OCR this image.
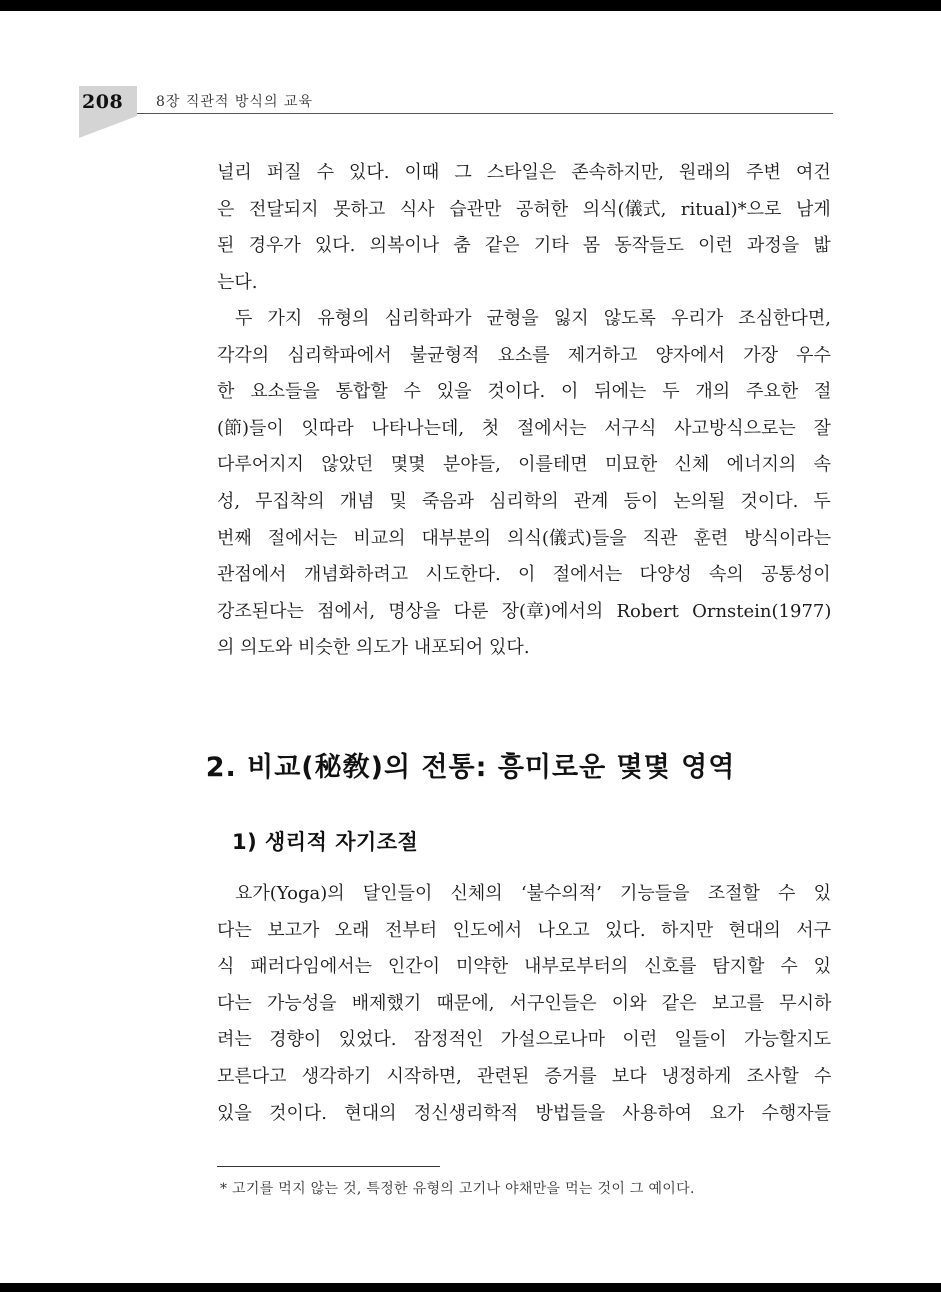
208 8장 직관적 방식의 교육

널리 퍼질 수 있다. 이때 그 스타일은 존속하지만, 원래의 주변 여건
은 전달되지 못하고 식사 습관만 공허한 의식(儀式, ritual)*으로 남게
된 경우가 있다. 의복이나 춤 같은 기타 몸 동작들도 이런 과정을 밟
는다.

두 가지 유형의 심리학파가 균형을 잃지 않도록 우리가 조심한다면,
각각의 심리학파에서 불균형적 요소를 제거하고 양자에서 가장 우수
한 요소들을 통합할 수 있을 것이다. 이 뒤에는 두 개의 주요한 절
(節)들이 잇따라 나타나는데, 첫 절에서는 서구식 사고방식으로는 잘
다루어지지 않았던 몇몇 분야들, 이를테면 미묘한 신체 에너지의 속
성, 무집착의 개념 및 죽음과 심리학의 관계 등이 논의될 것이다. 두
번째 절에서는 비교의 대부분의 의식(儀式)들을 직관 훈련 방식이라는
관점에서 개념화하려고 시도한다. 이 절에서는 다양성 속의 공통성이
강조된다는 점에서, 명상을 다룬 장(章)에서의 Robert Ornstein(1977)
의 의도와 비슷한 의도가 내포되어 있다.

2. 비교(秘敎)의 전통: 흥미로운 몇몇 영역
1) 생리적 자기조절

요가(Yoga)의 달인들이 신체의 ‘불수의적’ 기능들을 조절할 수 있
다는 보고가 오래 전부터 인도에서 나오고 있다. 하지만 현대의 서구
식 패러다임에서는 인간이 미약한 내부로부터의 신호를 탐지할 수 있
다는 가능성을 배제했기 때문에, 서구인들은 이와 같은 보고를 무시하
려는 경향이 있었다. 잠정적인 가설으로나마 이런 일들이 가능할지도
모른다고 생각하기 시작하면, 관련된 증거를 보다 냉정하게 조사할 수
있을 것이다. 현대의 정신생리학적 방법들을 사용하여 요가 수행자들

* 고기를 먹지 않는 것, 특정한 유형의 고기나 야채만을 먹는 것이 그 예이다.
